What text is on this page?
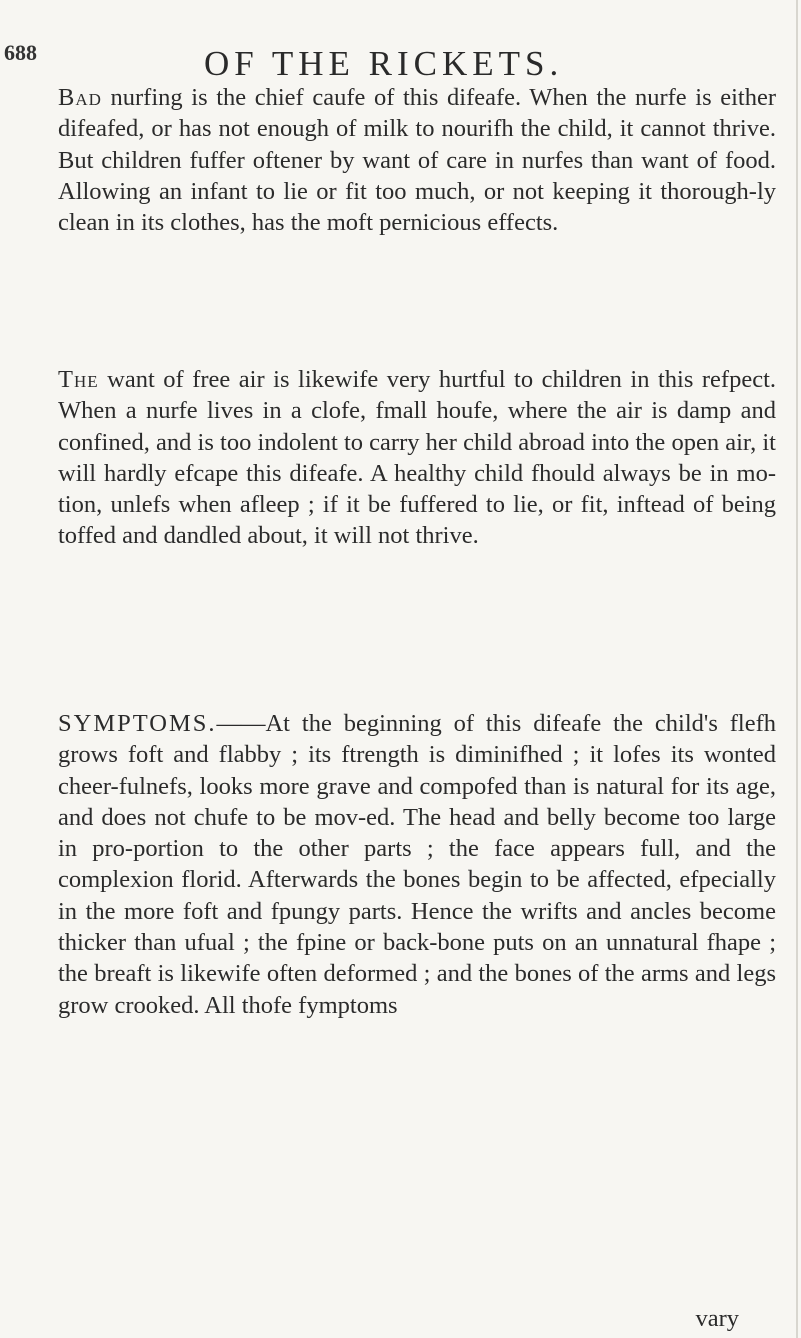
688	OF THE RICKETS.

Bad nurfing is the chief caufe of this difeafe. When the nurfe is either difeafed, or has not enough of milk to nourifh the child, it cannot thrive. But children fuffer oftener by want of care in nurfes than want of food. Allowing an infant to lie or fit too much, or not keeping it thorough-ly clean in its clothes, has the moft pernicious effects.

The want of free air is likewife very hurtful to children in this refpect. When a nurfe lives in a clofe, fmall houfe, where the air is damp and confined, and is too indolent to carry her child abroad into the open air, it will hardly efcape this difeafe. A healthy child fhould always be in mo-tion, unlefs when afleep ; if it be fuffered to lie, or fit, inftead of being toffed and dandled about, it will not thrive.

SYMPTOMS.——At the beginning of this difeafe the child's flefh grows foft and flabby ; its ftrength is diminifhed ; it lofes its wonted cheer-fulnefs, looks more grave and compofed than is natural for its age, and does not chufe to be mov-ed. The head and belly become too large in pro-portion to the other parts ; the face appears full, and the complexion florid. Afterwards the bones begin to be affected, efpecially in the more foft and fpungy parts. Hence the wrifts and ancles become thicker than ufual ; the fpine or back-bone puts on an unnatural fhape ; the breaft is likewife often deformed ; and the bones of the arms and legs grow crooked. All thofe fymptoms

vary
